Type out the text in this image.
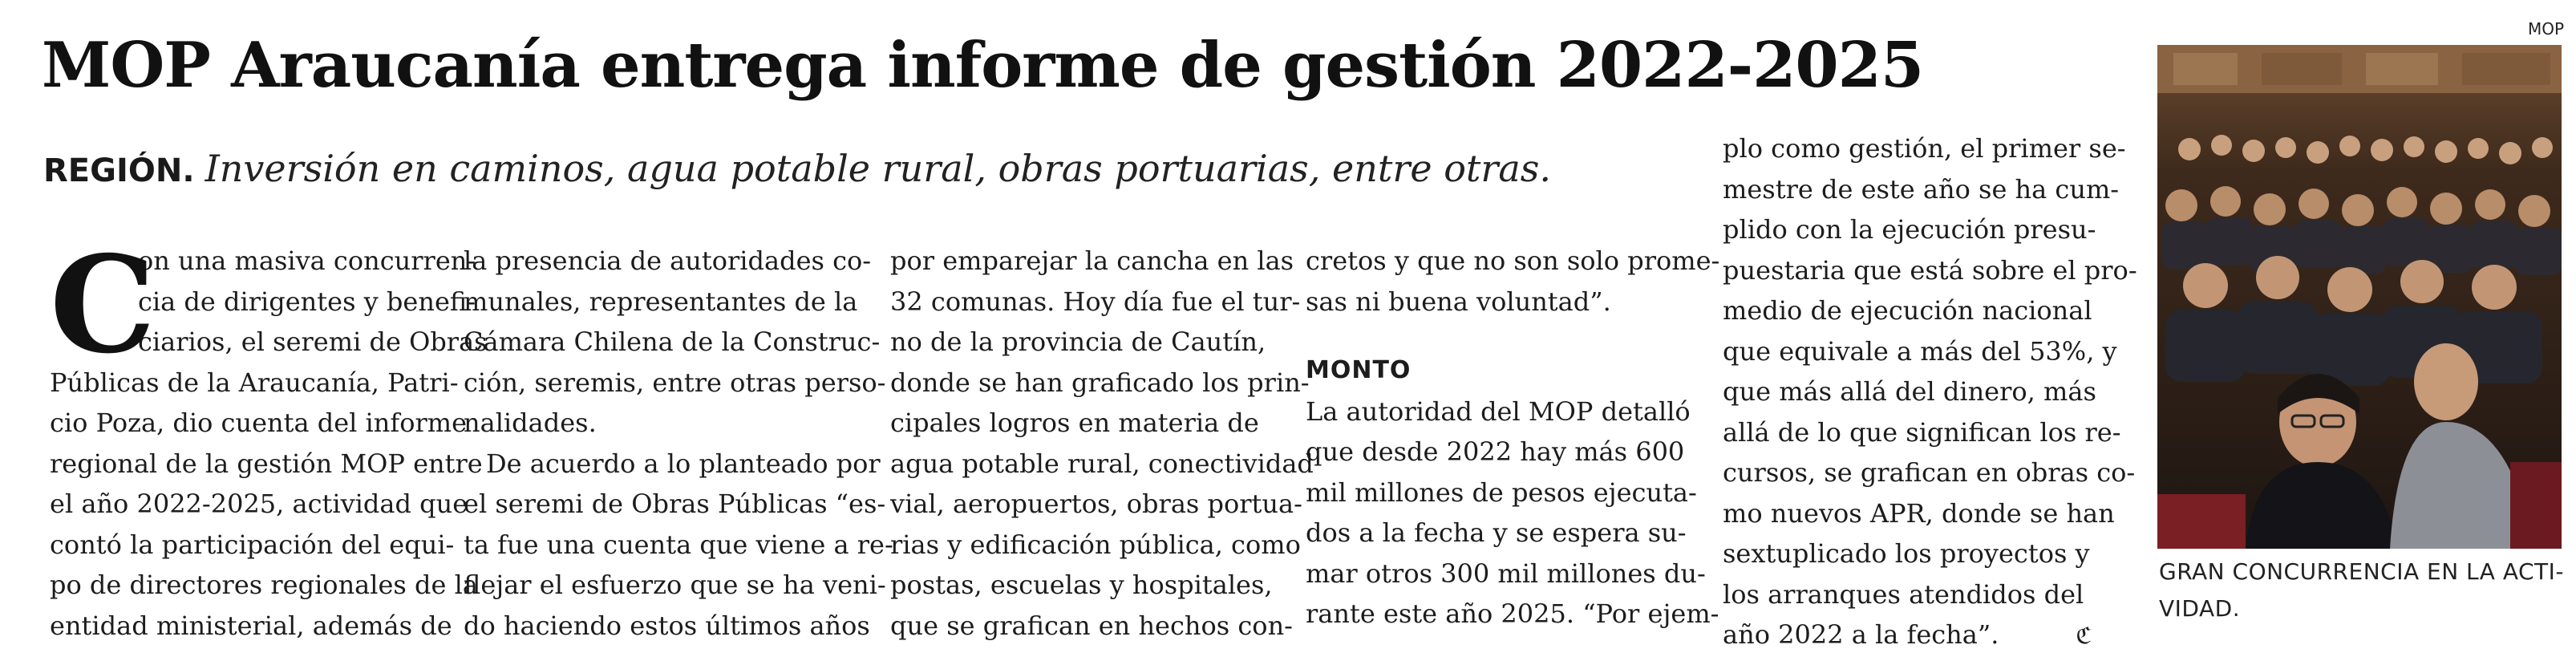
MOP Araucanía entrega informe de gestión 2022-2025
REGIÓN. Inversión en caminos, agua potable rural, obras portuarias, entre otras.
C
on una masiva concurren-
cia de dirigentes y benefi-
ciarios, el seremi de Obras
Públicas de la Araucanía, Patri-
cio Poza, dio cuenta del informe
regional de la gestión MOP entre
el año 2022-2025, actividad que
contó la participación del equi-
po de directores regionales de la
entidad ministerial, además de
la presencia de autoridades co-
munales, representantes de la
Cámara Chilena de la Construc-
ción, seremis, entre otras perso-
nalidades.
De acuerdo a lo planteado por
el seremi de Obras Públicas “es-
ta fue una cuenta que viene a re-
flejar el esfuerzo que se ha veni-
do haciendo estos últimos años
por emparejar la cancha en las
32 comunas. Hoy día fue el tur-
no de la provincia de Cautín,
donde se han graficado los prin-
cipales logros en materia de
agua potable rural, conectividad
vial, aeropuertos, obras portua-
rias y edificación pública, como
postas, escuelas y hospitales,
que se grafican en hechos con-
cretos y que no son solo prome-
sas ni buena voluntad”.
MONTO
La autoridad del MOP detalló
que desde 2022 hay más 600
mil millones de pesos ejecuta-
dos a la fecha y se espera su-
mar otros 300 mil millones du-
rante este año 2025. “Por ejem-
plo como gestión, el primer se-
mestre de este año se ha cum-
plido con la ejecución presu-
puestaria que está sobre el pro-
medio de ejecución nacional
que equivale a más del 53%, y
que más allá del dinero, más
allá de lo que significan los re-
cursos, se grafican en obras co-
mo nuevos APR, donde se han
sextuplicado los proyectos y
los arranques atendidos del
año 2022 a la fecha”.	ℭ
MOP
GRAN CONCURRENCIA EN LA ACTI-
VIDAD.
